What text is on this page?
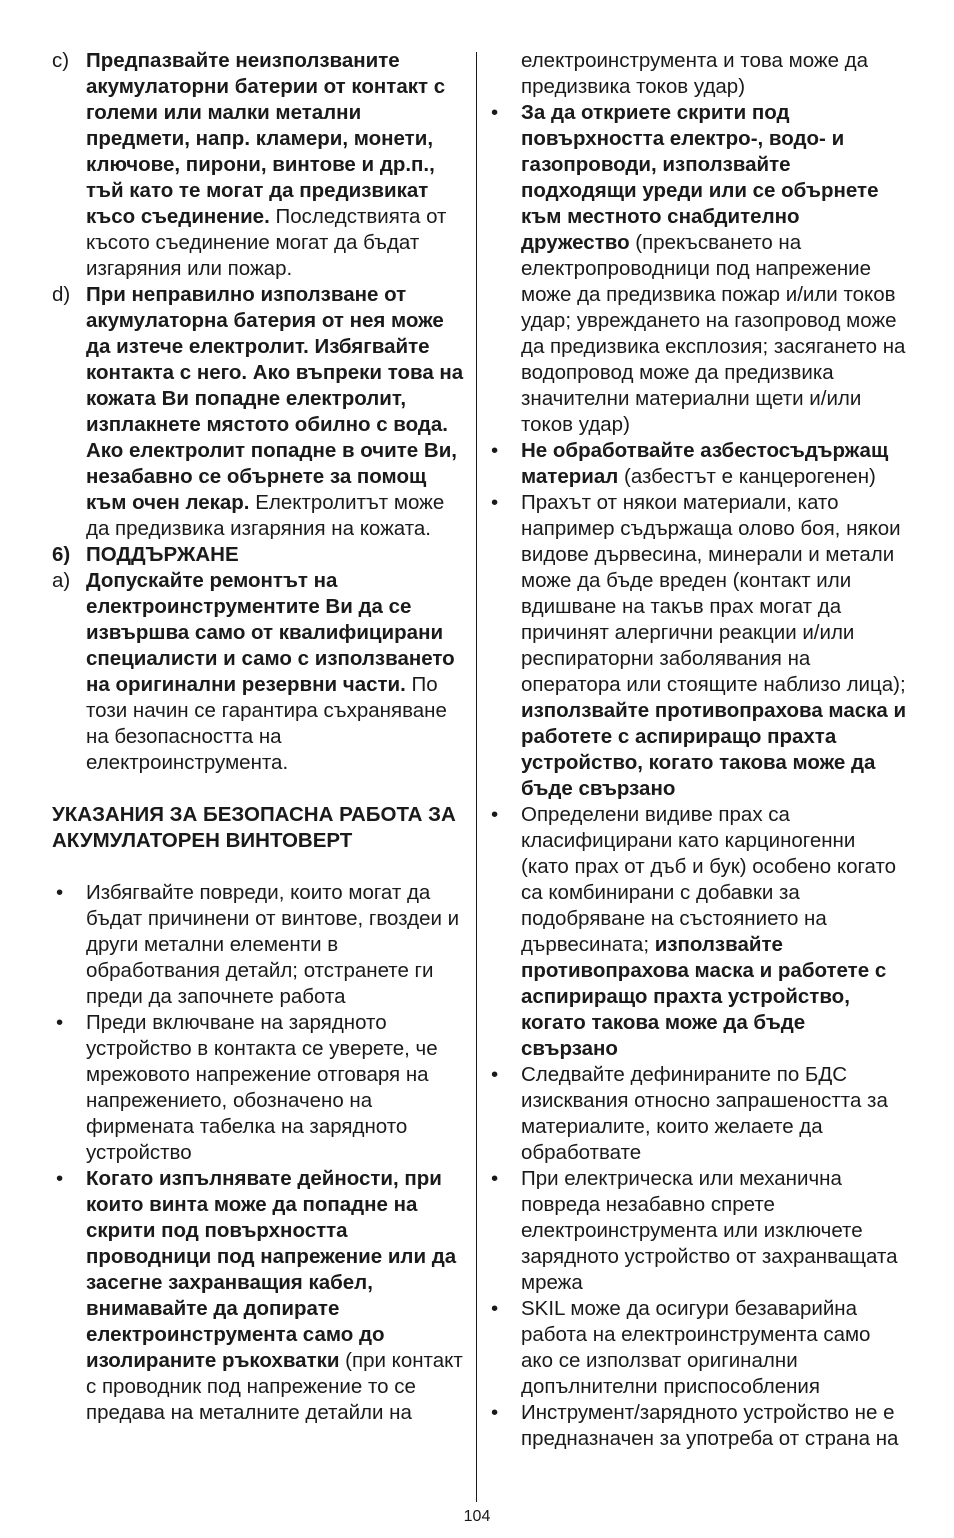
c) Предпазвайте неизползваните акумулаторни батерии от контакт с големи или малки метални предмети, напр. кламери, монети, ключове, пирони, винтове и др.п., тъй като те могат да предизвикат късо съединение. Последствията от късото съединение могат да бъдат изгаряния или пожар.
d) При неправилно използване от акумулаторна батерия от нея може да изтече електролит. Избягвайте контакта с него. Ако въпреки това на кожата Ви попадне електролит, изплакнете мястото обилно с вода. Ако електролит попадне в очите Ви, незабавно се обърнете за помощ към очен лекар. Електролитът може да предизвика изгаряния на кожата.
6) ПОДДЪРЖАНЕ
a) Допускайте ремонтът на електроинструментите Ви да се извършва само от квалифицирани специалисти и само с използването на оригинални резервни части. По този начин се гарантира съхраняване на безопасността на електроинструмента.
УКАЗАНИЯ ЗА БЕЗОПАСНА РАБОТА ЗА АКУМУЛАТОРЕН ВИНТОВЕРТ
• Избягвайте повреди, които могат да бъдат причинени от винтове, гвоздеи и други метални елементи в обработвания детайл; отстранете ги преди да започнете работа
• Преди включване на зарядното устройство в контакта се уверете, че мрежовото напрежение отговаря на напрежението, обозначено на фирмената табелка на зарядното устройство
• Когато изпълнявате дейности, при които винта може да попадне на скрити под повърхността проводници под напрежение или да засегне захранващия кабел, внимавайте да допирате електроинструмента само до изолираните ръкохватки (при контакт с проводник под напрежение то се предава на металните детайли на
електроинструмента и това може да предизвика токов удар)
• За да откриете скрити под повърхността електро-, водо- и газопроводи, използвайте подходящи уреди или се обърнете към местното снабдително дружество (прекъсването на електропроводници под напрежение може да предизвика пожар и/или токов удар; увреждането на газопровод може да предизвика експлозия; засягането на водопровод може да предизвика значителни материални щети и/или токов удар)
• Не обработвайте азбестосъдържащ материал (азбестът е канцерогенен)
• Прахът от някои материали, като например съдържаща олово боя, някои видове дървесина, минерали и метали може да бъде вреден (контакт или вдишване на такъв прах могат да причинят алергични реакции и/или респираторни заболявания на оператора или стоящите наблизо лица); използвайте противопрахова маска и работете с аспириращо прахта устройство, когато такова може да бъде свързано
• Определени видиве прах са класифицирани като карциногенни (като прах от дъб и бук) особено когато са комбинирани с добавки за подобряване на състоянието на дървесината; използвайте противопрахова маска и работете с аспириращо прахта устройство, когато такова може да бъде свързано
• Следвайте дефинираните по БДС изисквания относно запрашеността за материалите, които желаете да обработвате
• При електрическа или механична повреда незабавно спрете електроинструмента или изключете зарядното устройство от захранващата мрежа
• SKIL може да осигури безаварийна работа на електроинструмента само ако се използват оригинални допълнителни приспособления
• Инструмент/зарядното устройство не е предназначен за употреба от страна на
104
